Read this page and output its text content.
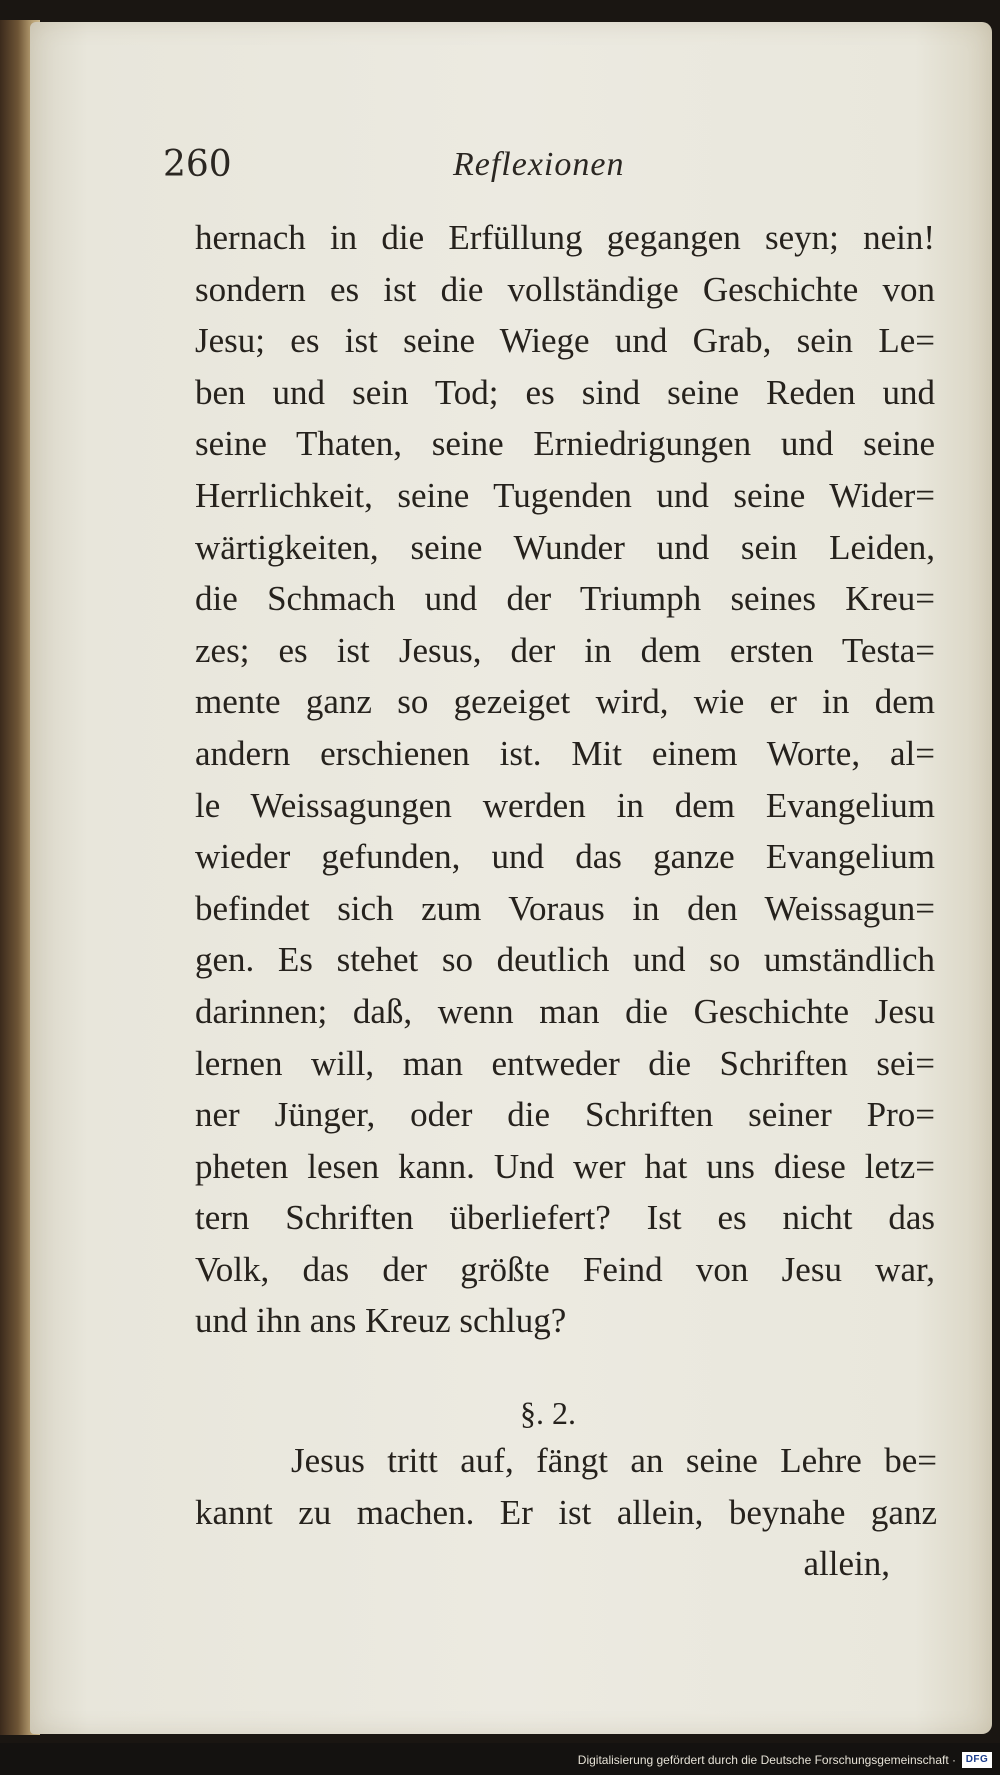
260	Reflexionen
hernach in die Erfüllung gegangen seyn; nein!
sondern es ist die vollständige Geschichte von
Jesu; es ist seine Wiege und Grab, sein Le=
ben und sein Tod; es sind seine Reden und
seine Thaten, seine Erniedrigungen und seine
Herrlichkeit, seine Tugenden und seine Wider=
wärtigkeiten, seine Wunder und sein Leiden,
die Schmach und der Triumph seines Kreu=
zes; es ist Jesus, der in dem ersten Testa=
mente ganz so gezeiget wird, wie er in dem
andern erschienen ist. Mit einem Worte, al=
le Weissagungen werden in dem Evangelium
wieder gefunden, und das ganze Evangelium
befindet sich zum Voraus in den Weissagun=
gen. Es stehet so deutlich und so umständlich
darinnen; daß, wenn man die Geschichte Jesu
lernen will, man entweder die Schriften sei=
ner Jünger, oder die Schriften seiner Pro=
pheten lesen kann. Und wer hat uns diese letz=
tern Schriften überliefert? Ist es nicht das
Volk, das der größte Feind von Jesu war,
und ihn ans Kreuz schlug?
§. 2.
Jesus tritt auf, fängt an seine Lehre be=
kannt zu machen. Er ist allein, beynahe ganz
allein,
Digitalisierung gefördert durch die Deutsche Forschungsgemeinschaft · DFG
